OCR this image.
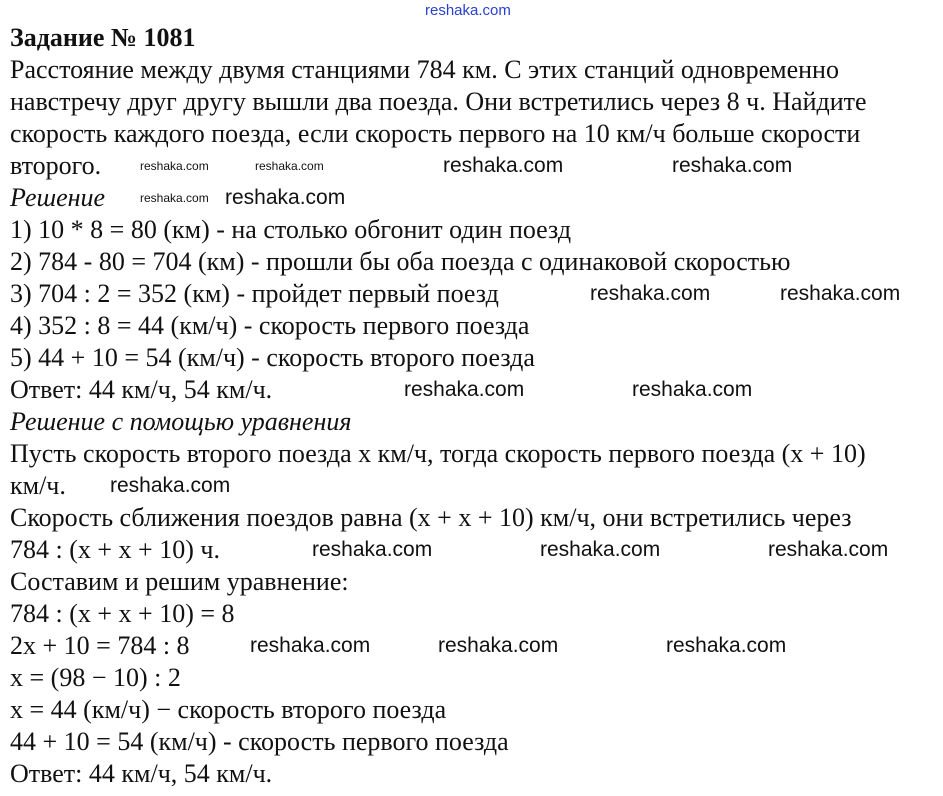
reshaka.com
Задание № 1081
Расстояние между двумя станциями 784 км. С этих станций одновременно
навстречу друг другу вышли два поезда. Они встретились через 8 ч. Найдите
скорость каждого поезда, если скорость первого на 10 км/ч больше скорости
второго.	reshaka.com	reshaka.com	reshaka.com	reshaka.com
Решение	reshaka.com reshaka.com
1) 10 * 8 = 80 (км) - на столько обгонит один поезд
2) 784 - 80 = 704 (км) - прошли бы оба поезда с одинаковой скоростью
3) 704 : 2 = 352 (км) - пройдет первый поезд	reshaka.com	reshaka.com
4) 352 : 8 = 44 (км/ч) - скорость первого поезда
5) 44 + 10 = 54 (км/ч) - скорость второго поезда
Ответ: 44 км/ч, 54 км/ч.	reshaka.com	reshaka.com
Решение с помощью уравнения
Пусть скорость второго поезда х км/ч, тогда скорость первого поезда (х + 10)
км/ч. reshaka.com
Скорость сближения поездов равна (х + х + 10) км/ч, они встретились через
784 : (х + х + 10) ч.	reshaka.com	reshaka.com	reshaka.com
Составим и решим уравнение:
784 : (х + х + 10) = 8
2х + 10 = 784 : 8	reshaka.com	reshaka.com	reshaka.com
х = (98 − 10) : 2
х = 44 (км/ч) − скорость второго поезда
44 + 10 = 54 (км/ч) - скорость первого поезда
Ответ: 44 км/ч, 54 км/ч.
